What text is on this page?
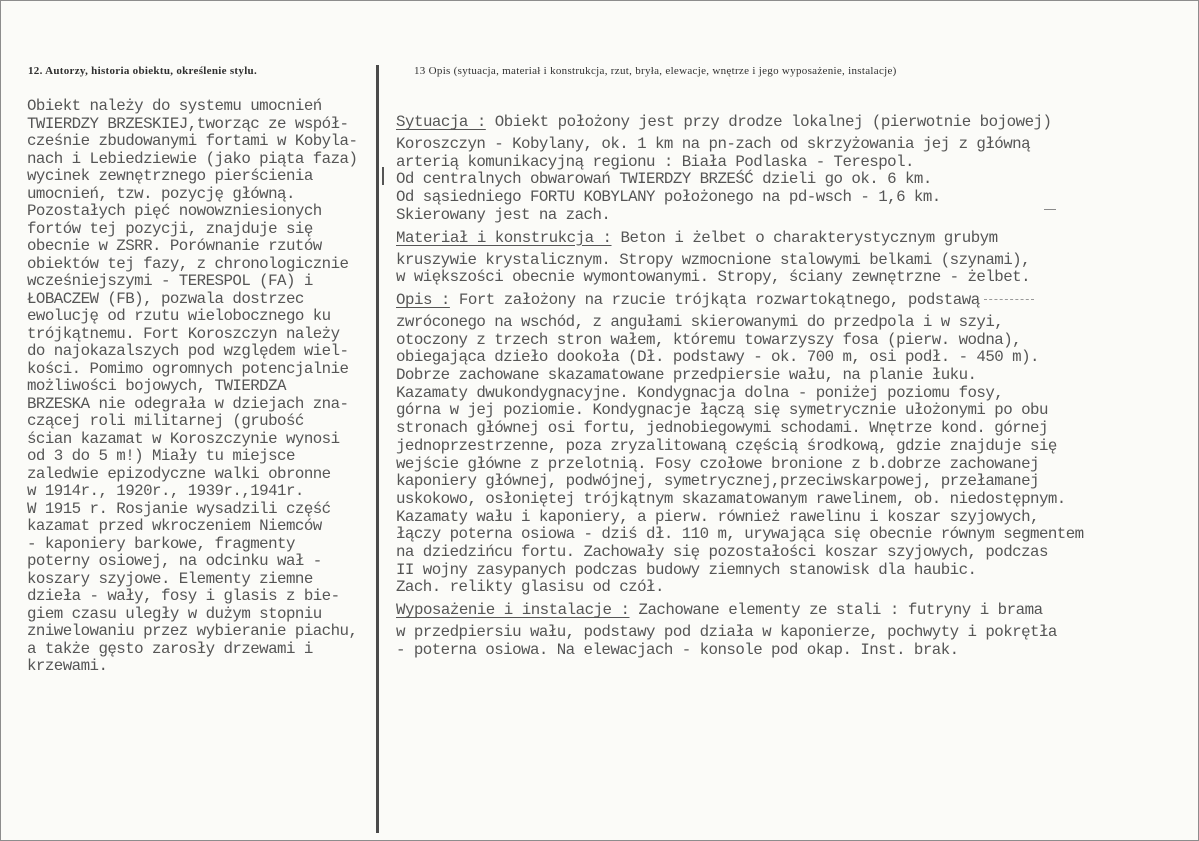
12. Autorzy, historia obiektu, określenie stylu.	13 Opis (sytuacja, materiał i konstrukcja, rzut, bryła, elewacje, wnętrze i jego wyposażenie, instalacje)
Obiekt należy do systemu umocnień
TWIERDZY BRZESKIEJ,tworząc ze współ-
cześnie zbudowanymi fortami w Kobyla-
nach i Lebiedziewie (jako piąta faza)
wycinek zewnętrznego pierścienia
umocnień, tzw. pozycję główną.
Pozostałych pięć nowowzniesionych
fortów tej pozycji, znajduje się
obecnie w ZSRR. Porównanie rzutów
obiektów tej fazy, z chronologicznie
wcześniejszymi - TERESPOL (FA) i
ŁOBACZEW (FB), pozwala dostrzec
ewolucję od rzutu wielobocznego ku
trójkątnemu. Fort Koroszczyn należy
do najokazalszych pod względem wiel-
kości. Pomimo ogromnych potencjalnie
możliwości bojowych, TWIERDZA
BRZESKA nie odegrała w dziejach zna-
czącej roli militarnej (grubość
ścian kazamat w Koroszczynie wynosi
od 3 do 5 m!) Miały tu miejsce
zaledwie epizodyczne walki obronne
w 1914r., 1920r., 1939r.,1941r.
W 1915 r. Rosjanie wysadzili część
kazamat przed wkroczeniem Niemców
- kaponiery barkowe, fragmenty
poterny osiowej, na odcinku wał -
koszary szyjowe. Elementy ziemne
dzieła - wały, fosy i glasis z bie-
giem czasu uległy w dużym stopniu
zniwelowaniu przez wybieranie piachu,
a także gęsto zarosły drzewami i
krzewami.
Sytuacja : Obiekt położony jest przy drodze lokalnej (pierwotnie bojowej)
Koroszczyn - Kobylany, ok. 1 km na pn-zach od skrzyżowania jej z główną
arterią komunikacyjną regionu : Biała Podlaska - Terespol.
Od centralnych obwarowań TWIERDZY BRZEŚĆ dzieli go ok. 6 km.
Od sąsiedniego FORTU KOBYLANY położonego na pd-wsch - 1,6 km.
Skierowany jest na zach.
Materiał i konstrukcja : Beton i żelbet o charakterystycznym grubym
kruszywie krystalicznym. Stropy wzmocnione stalowymi belkami (szynami),
w większości obecnie wymontowanymi. Stropy, ściany zewnętrzne - żelbet.
Opis : Fort założony na rzucie trójkąta rozwartokątnego, podstawą
zwróconego na wschód, z angułami skierowanymi do przedpola i w szyi,
otoczony z trzech stron wałem, któremu towarzyszy fosa (pierw. wodna),
obiegająca dzieło dookoła (Dł. podstawy - ok. 700 m, osi podł. - 450 m).
Dobrze zachowane skazamatowane przedpiersie wału, na planie łuku.
Kazamaty dwukondygnacyjne. Kondygnacja dolna - poniżej poziomu fosy,
górna w jej poziomie. Kondygnacje łączą się symetrycznie ułożonymi po obu
stronach głównej osi fortu, jednobiegowymi schodami. Wnętrze kond. górnej
jednoprzestrzenne, poza zryzalitowaną częścią środkową, gdzie znajduje się
wejście główne z przelotnią. Fosy czołowe bronione z b.dobrze zachowanej
kaponiery głównej, podwójnej, symetrycznej,przeciwskarpowej, przełamanej
uskokowo, osłoniętej trójkątnym skazamatowanym rawelinem, ob. niedostępnym.
Kazamaty wału i kaponiery, a pierw. również rawelinu i koszar szyjowych,
łączy poterna osiowa - dziś dł. 110 m, urywająca się obecnie równym segmentem
na dziedzińcu fortu. Zachowały się pozostałości koszar szyjowych, podczas
II wojny zasypanych podczas budowy ziemnych stanowisk dla haubic.
Zach. relikty glasisu od czół.
Wyposażenie i instalacje : Zachowane elementy ze stali : futryny i brama
w przedpiersiu wału, podstawy pod działa w kaponierze, pochwyty i pokrętła
- poterna osiowa. Na elewacjach - konsole pod okap. Inst. brak.
